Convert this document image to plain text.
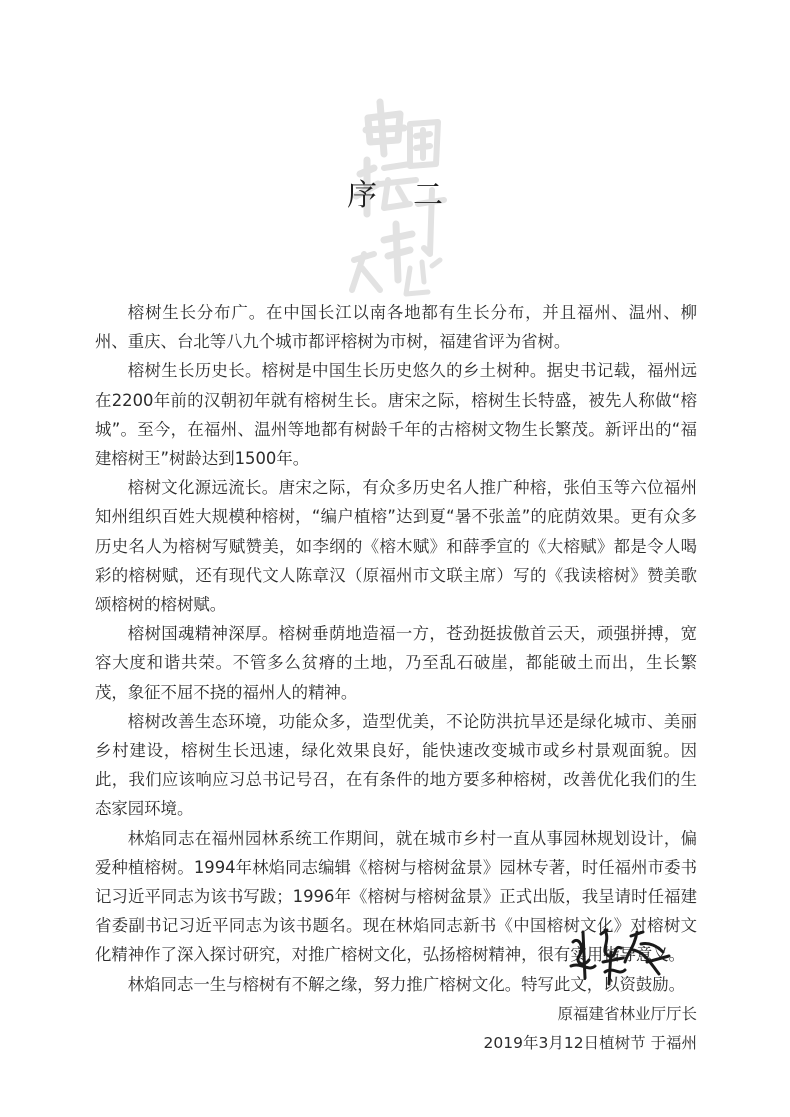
序二

榕树生长分布广。在中国长江以南各地都有生长分布，并且福州、温州、柳州、重庆、台北等八九个城市都评榕树为市树，福建省评为省树。

榕树生长历史长。榕树是中国生长历史悠久的乡土树种。据史书记载，福州远在2200年前的汉朝初年就有榕树生长。唐宋之际，榕树生长特盛，被先人称做“榕城”。至今，在福州、温州等地都有树龄千年的古榕树文物生长繁茂。新评出的“福建榕树王”树龄达到1500年。

榕树文化源远流长。唐宋之际，有众多历史名人推广种榕，张伯玉等六位福州知州组织百姓大规模种榕树，“编户植榕”达到夏“暑不张盖”的庇荫效果。更有众多历史名人为榕树写赋赞美，如李纲的《榕木赋》和薛季宣的《大榕赋》都是令人喝彩的榕树赋，还有现代文人陈章汉（原福州市文联主席）写的《我读榕树》赞美歌颂榕树的榕树赋。

榕树国魂精神深厚。榕树垂荫地造福一方，苍劲挺拔傲首云天，顽强拼搏，宽容大度和谐共荣。不管多么贫瘠的土地，乃至乱石破崖，都能破土而出，生长繁茂，象征不屈不挠的福州人的精神。

榕树改善生态环境，功能众多，造型优美，不论防洪抗旱还是绿化城市、美丽乡村建设，榕树生长迅速，绿化效果良好，能快速改变城市或乡村景观面貌。因此，我们应该响应习总书记号召，在有条件的地方要多种榕树，改善优化我们的生态家园环境。

林焰同志在福州园林系统工作期间，就在城市乡村一直从事园林规划设计，偏爱种植榕树。1994年林焰同志编辑《榕树与榕树盆景》园林专著，时任福州市委书记习近平同志为该书写跋；1996年《榕树与榕树盆景》正式出版，我呈请时任福建省委副书记习近平同志为该书题名。现在林焰同志新书《中国榕树文化》对榕树文化精神作了深入探讨研究，对推广榕树文化，弘扬榕树精神，很有实用指导意义。

林焰同志一生与榕树有不解之缘，努力推广榕树文化。特写此文，以资鼓励。

原福建省林业厅厅长
2019年3月12日植树节 于福州
